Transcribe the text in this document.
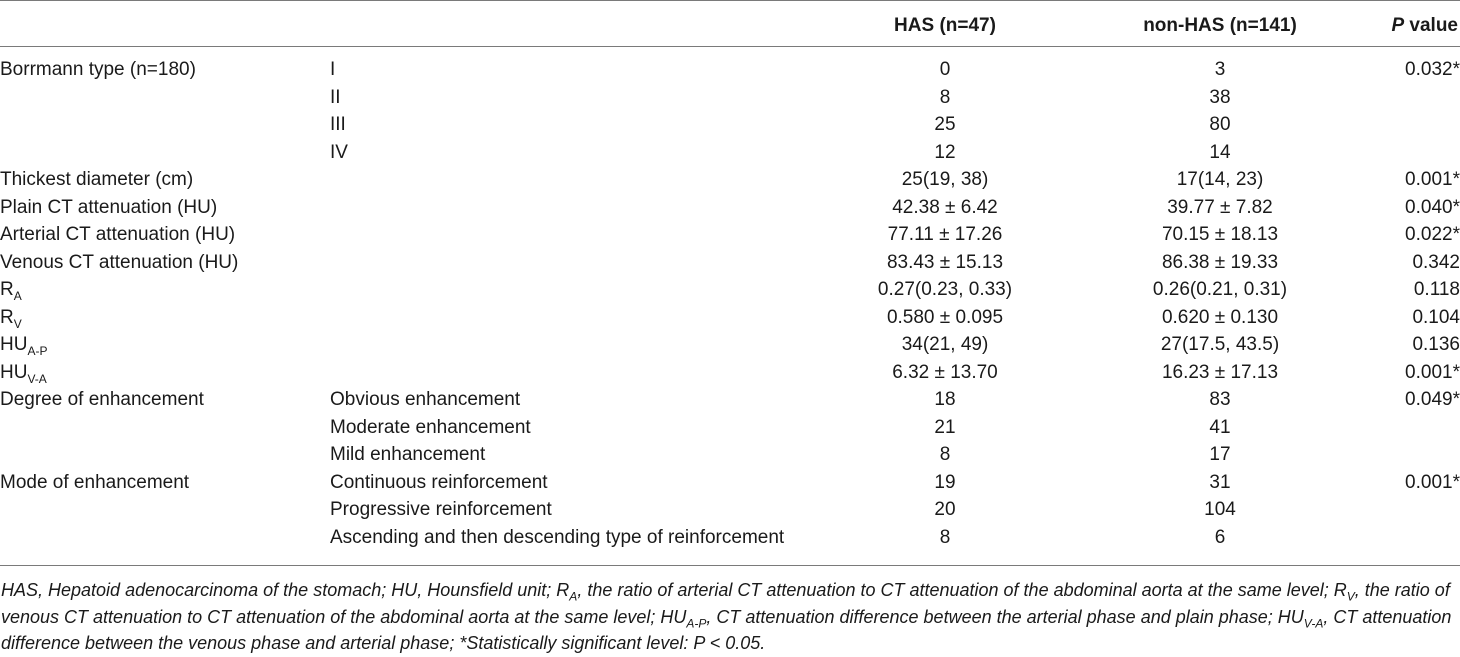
		HAS (n=47)	non-HAS (n=141)	P value
Borrmann type (n=180)	I	0	3	0.032*
	II	8	38	
	III	25	80	
	IV	12	14	
Thickest diameter (cm)		25(19, 38)	17(14, 23)	0.001*
Plain CT attenuation (HU)		42.38 ± 6.42	39.77 ± 7.82	0.040*
Arterial CT attenuation (HU)		77.11 ± 17.26	70.15 ± 18.13	0.022*
Venous CT attenuation (HU)		83.43 ± 15.13	86.38 ± 19.33	0.342
$R_A$		0.27(0.23, 0.33)	0.26(0.21, 0.31)	0.118
$R_V$		0.580 ± 0.095	0.620 ± 0.130	0.104
$HU_{A-P}$		34(21, 49)	27(17.5, 43.5)	0.136
$HU_{V-A}$		6.32 ± 13.70	16.23 ± 17.13	0.001*
Degree of enhancement	Obvious enhancement	18	83	0.049*
	Moderate enhancement	21	41	
	Mild enhancement	8	17	
Mode of enhancement	Continuous reinforcement	19	31	0.001*
	Progressive reinforcement	20	104	
	Ascending and then descending type of reinforcement	8	6	
HAS, Hepatoid adenocarcinoma of the stomach; HU, Hounsfield unit; $R_A$, the ratio of arterial CT attenuation to CT attenuation of the abdominal aorta at the same level; $R_V$, the ratio of venous CT attenuation to CT attenuation of the abdominal aorta at the same level; $HU_{A-P}$, CT attenuation difference between the arterial phase and plain phase; $HU_{V-A}$, CT attenuation difference between the venous phase and arterial phase; *Statistically significant level: P < 0.05.
